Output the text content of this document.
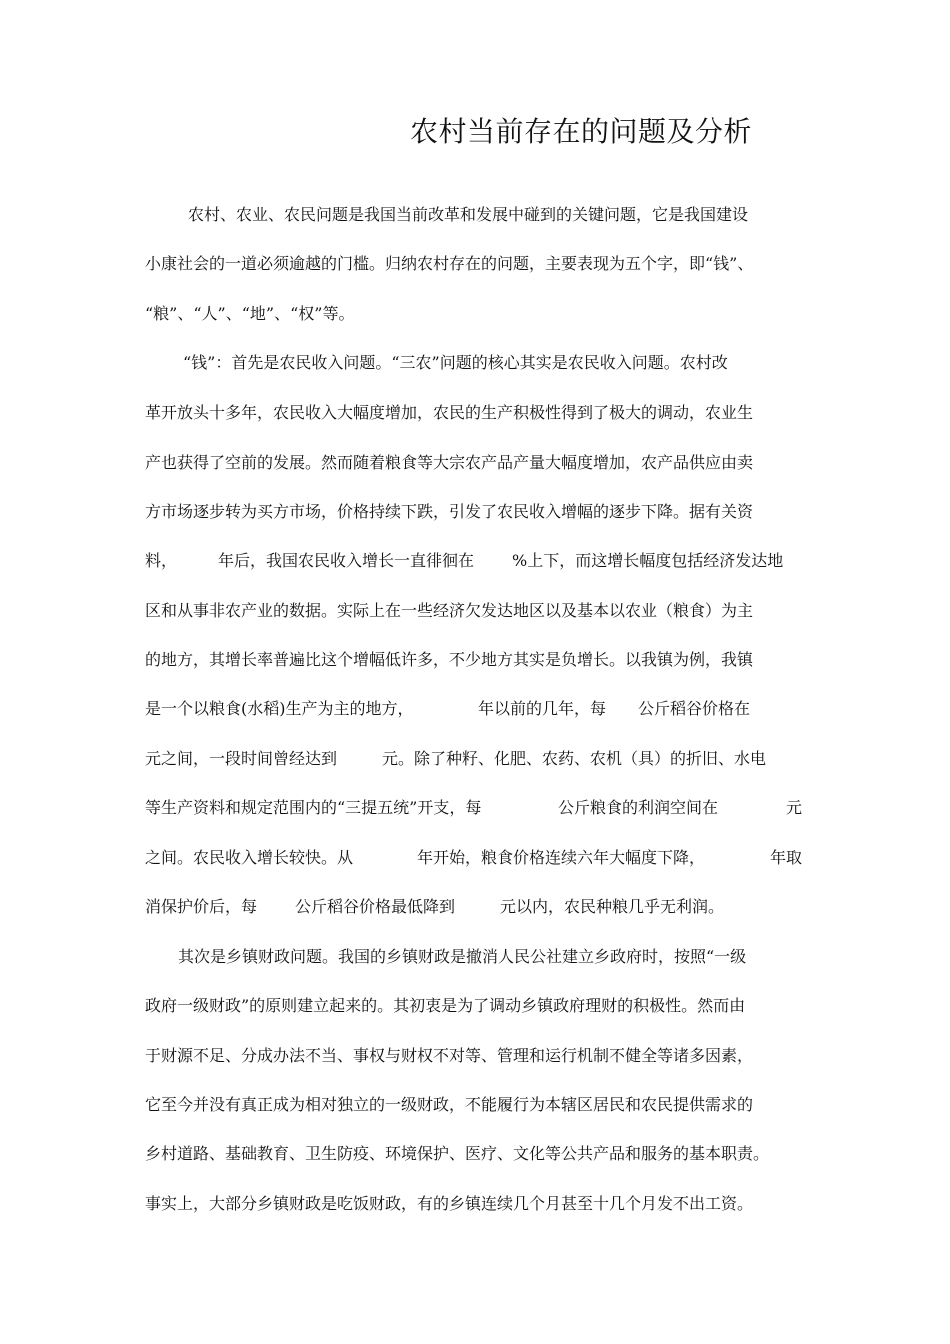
农村当前存在的问题及分析
农村、农业、农民问题是我国当前改革和发展中碰到的关键问题，它是我国建设
小康社会的一道必须逾越的门槛。归纳农村存在的问题，主要表现为五个字，即“钱”、
“粮”、“人”、“地”、“权”等。
“钱”：首先是农民收入问题。“三农”问题的核心其实是农民收入问题。农村改
革开放头十多年，农民收入大幅度增加，农民的生产积极性得到了极大的调动，农业生
产也获得了空前的发展。然而随着粮食等大宗农产品产量大幅度增加，农产品供应由卖
方市场逐步转为买方市场，价格持续下跌，引发了农民收入增幅的逐步下降。据有关资
料，	年后，我国农民收入增长一直徘徊在 %上下，而这增长幅度包括经济发达地
区和从事非农产业的数据。实际上在一些经济欠发达地区以及基本以农业（粮食）为主
的地方，其增长率普遍比这个增幅低许多，不少地方其实是负增长。以我镇为例，我镇
是一个以粮食(水稻)生产为主的地方，	年以前的几年，每 公斤稻谷价格在
元之间，一段时间曾经达到	元。除了种籽、化肥、农药、农机（具）的折旧、水电
等生产资料和规定范围内的“三提五统”开支，每	公斤粮食的利润空间在	元
之间。农民收入增长较快。从	年开始，粮食价格连续六年大幅度下降，	年取
消保护价后，每 公斤稻谷价格最低降到	元以内，农民种粮几乎无利润。
其次是乡镇财政问题。我国的乡镇财政是撤消人民公社建立乡政府时，按照“一级
政府一级财政”的原则建立起来的。其初衷是为了调动乡镇政府理财的积极性。然而由
于财源不足、分成办法不当、事权与财权不对等、管理和运行机制不健全等诸多因素，
它至今并没有真正成为相对独立的一级财政，不能履行为本辖区居民和农民提供需求的
乡村道路、基础教育、卫生防疫、环境保护、医疗、文化等公共产品和服务的基本职责。
事实上，大部分乡镇财政是吃饭财政，有的乡镇连续几个月甚至十几个月发不出工资。
